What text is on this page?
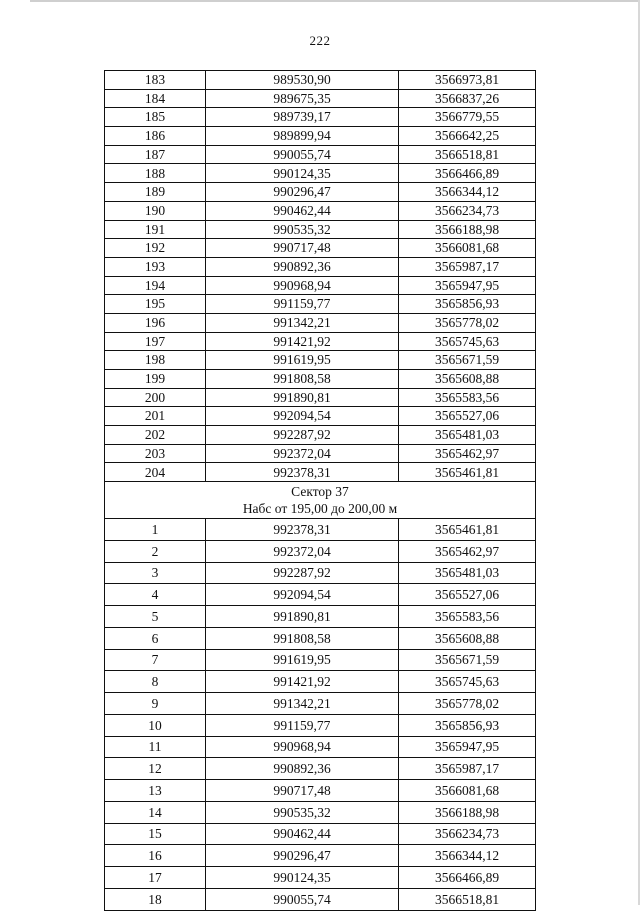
222
183	989530,90	3566973,81
184	989675,35	3566837,26
185	989739,17	3566779,55
186	989899,94	3566642,25
187	990055,74	3566518,81
188	990124,35	3566466,89
189	990296,47	3566344,12
190	990462,44	3566234,73
191	990535,32	3566188,98
192	990717,48	3566081,68
193	990892,36	3565987,17
194	990968,94	3565947,95
195	991159,77	3565856,93
196	991342,21	3565778,02
197	991421,92	3565745,63
198	991619,95	3565671,59
199	991808,58	3565608,88
200	991890,81	3565583,56
201	992094,54	3565527,06
202	992287,92	3565481,03
203	992372,04	3565462,97
204	992378,31	3565461,81

Сектор 37
Набс от 195,00 до 200,00 м		

1	992378,31	3565461,81
2	992372,04	3565462,97
3	992287,92	3565481,03
4	992094,54	3565527,06
5	991890,81	3565583,56
6	991808,58	3565608,88
7	991619,95	3565671,59
8	991421,92	3565745,63
9	991342,21	3565778,02
10	991159,77	3565856,93
11	990968,94	3565947,95
12	990892,36	3565987,17
13	990717,48	3566081,68
14	990535,32	3566188,98
15	990462,44	3566234,73
16	990296,47	3566344,12
17	990124,35	3566466,89
18	990055,74	3566518,81
